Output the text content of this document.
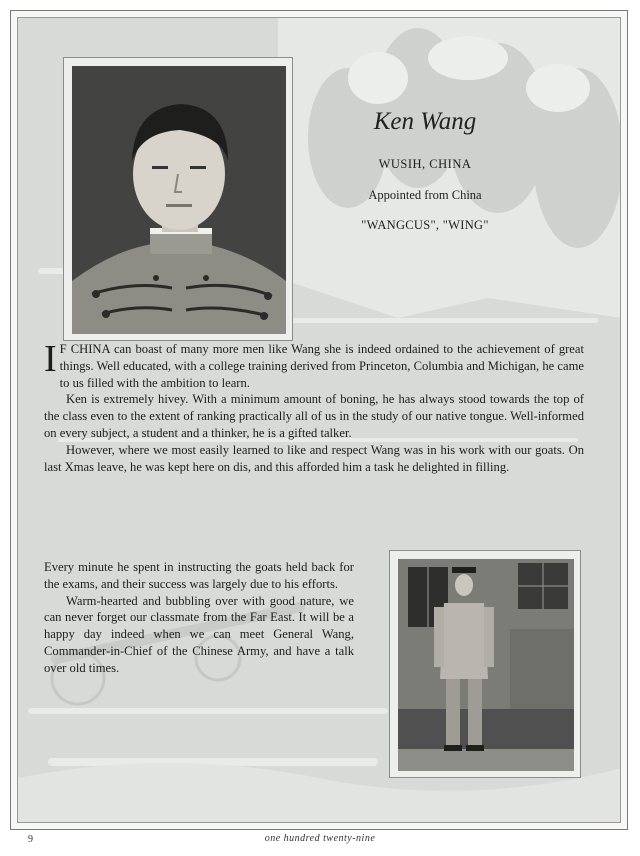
Ken Wang
WUSIH, CHINA
Appointed from China
"WANGCUS", "WING"

I F CHINA can boast of many more men like Wang she is indeed ordained to the achievement of great things. Well educated, with a college training derived from Princeton, Columbia and Michigan, he came to us filled with the ambition to learn.

Ken is extremely hivey. With a minimum amount of boning, he has always stood towards the top of the class even to the extent of ranking practically all of us in the study of our native tongue. Well-informed on every subject, a student and a thinker, he is a gifted talker.

However, where we most easily learned to like and respect Wang was in his work with our goats. On last Xmas leave, he was kept here on dis, and this afforded him a task he delighted in filling.

Every minute he spent in instructing the goats held back for the exams, and their success was largely due to his efforts.

Warm-hearted and bubbling over with good nature, we can never forget our classmate from the Far East. It will be a happy day indeed when we can meet General Wang, Commander-in-Chief of the Chinese Army, and have a talk over old times.

9	one hundred twenty-nine
